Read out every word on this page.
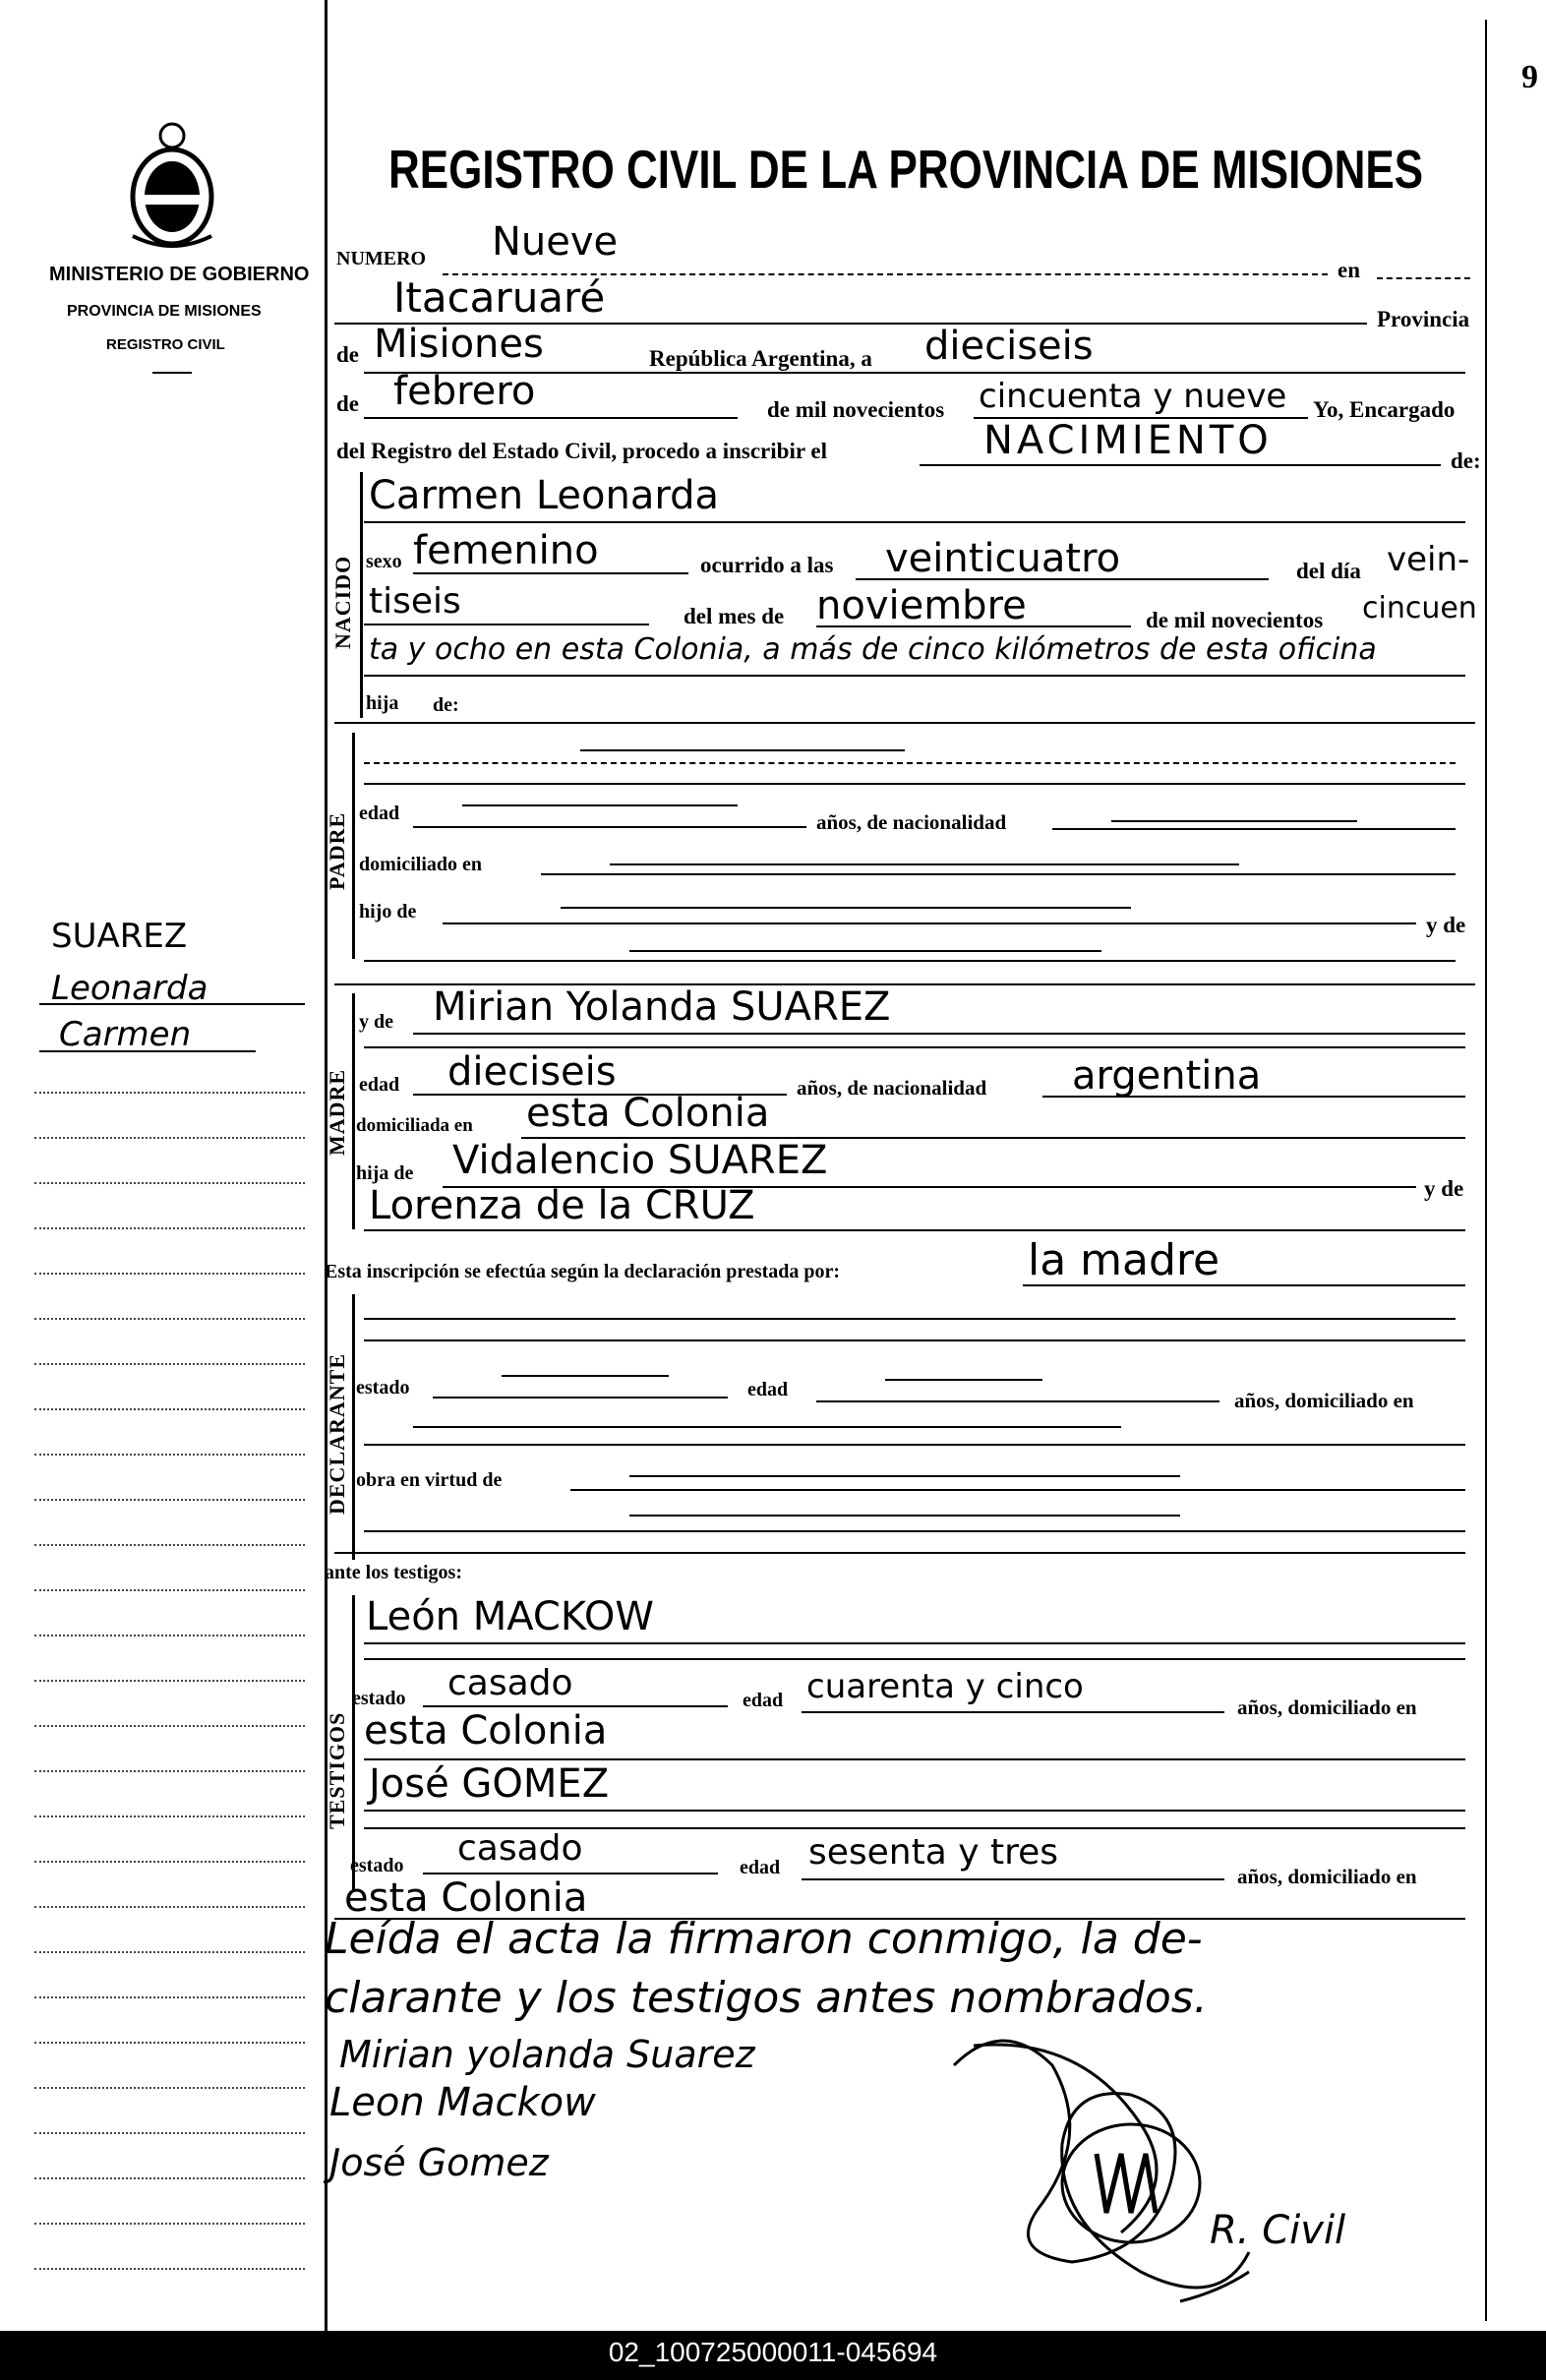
9
MINISTERIO DE GOBIERNO
PROVINCIA DE MISIONES
REGISTRO CIVIL
REGISTRO CIVIL DE LA PROVINCIA DE MISIONES
SUAREZ
Leonarda
Carmen
NUMERO Nueve
en
Itacaruaré	Provincia
de Misiones	República Argentina, a dieciseis
de febrero	de mil novecientos cincuenta y nueve Yo, Encargado
del Registro del Estado Civil, procedo a inscribir el	NACIMIENTO	de:
NACIDO
Carmen Leonarda
sexo femenino	ocurrido a las veinticuatro	del día vein-
tiseis	del mes de noviembre	de mil novecientos cincuen
ta y ocho en esta Colonia, a más de cinco kilómetros de esta oficina
hija de:
PADRE edad	años, de nacionalidad
domiciliado en
hijo de
y de
MADRE
y de Mirian Yolanda SUAREZ
edad dieciseis	años, de nacionalidad argentina
domiciliada en esta Colonia
hija de Vidalencio SUAREZ
y de
Lorenza de la CRUZ
Esta inscripción se efectúa según la declaración prestada por:	la madre
DECLARANTE estado	edad	años, domiciliado en
obra en virtud de
ante los testigos:
TESTIGOS
León MACKOW
estado casado	edad cuarenta y cinco
años, domiciliado en
esta Colonia
José GOMEZ
estado casado	edad sesenta y tres
años, domiciliado en
esta Colonia
Leída el acta la firmaron conmigo, la de-
clarante y los testigos antes nombrados.
Mirian yolanda Suarez
Leon Mackow
José Gomez
R. Civil
02_100725000011-045694
